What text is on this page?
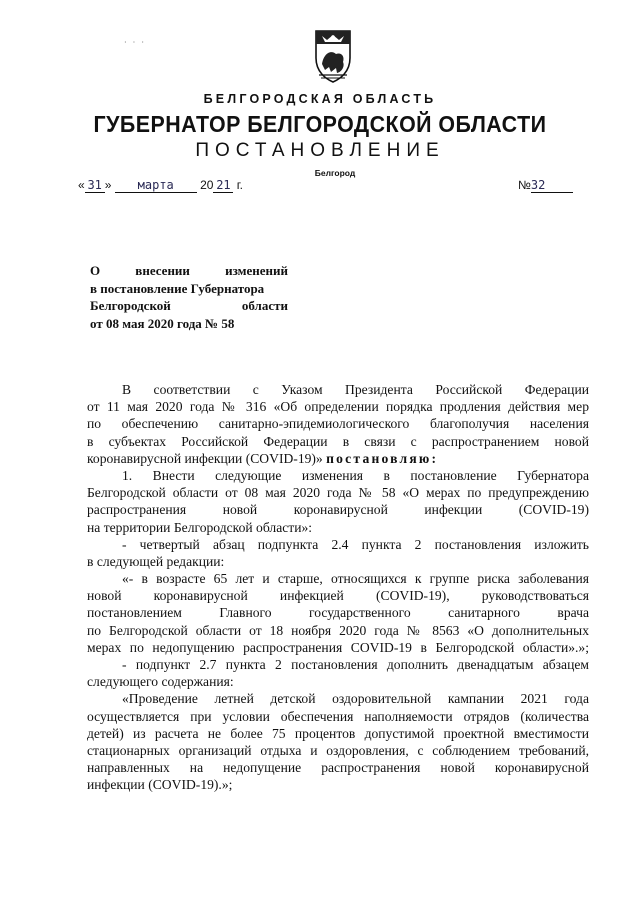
· · ·
БЕЛГОРОДСКАЯ ОБЛАСТЬ
ГУБЕРНАТОР БЕЛГОРОДСКОЙ ОБЛАСТИ
ПОСТАНОВЛЕНИЕ
Белгород
« 31 » марта 20 21 г.	№32
О внесении изменений
в постановление Губернатора
Белгородской области
от 08 мая 2020 года № 58
В соответствии с Указом Президента Российской Федерации
от 11 мая 2020 года № 316 «Об определении порядка продления действия мер
по обеспечению санитарно-эпидемиологического благополучия населения
в субъектах Российской Федерации в связи с распространением новой
коронавирусной инфекции (COVID-19)» постановляю:
1. Внести следующие изменения в постановление Губернатора
Белгородской области от 08 мая 2020 года № 58 «О мерах по предупреждению
распространения новой коронавирусной инфекции (COVID-19)
на территории Белгородской области»:
- четвертый абзац подпункта 2.4 пункта 2 постановления изложить
в следующей редакции:
«- в возрасте 65 лет и старше, относящихся к группе риска заболевания
новой коронавирусной инфекцией (COVID-19), руководствоваться
постановлением Главного государственного санитарного врача
по Белгородской области от 18 ноября 2020 года № 8563 «О дополнительных
мерах по недопущению распространения COVID-19 в Белгородской области».»;
- подпункт 2.7 пункта 2 постановления дополнить двенадцатым абзацем
следующего содержания:
«Проведение летней детской оздоровительной кампании 2021 года
осуществляется при условии обеспечения наполняемости отрядов (количества
детей) из расчета не более 75 процентов допустимой проектной вместимости
стационарных организаций отдыха и оздоровления, с соблюдением требований,
направленных на недопущение распространения новой коронавирусной
инфекции (COVID-19).»;
